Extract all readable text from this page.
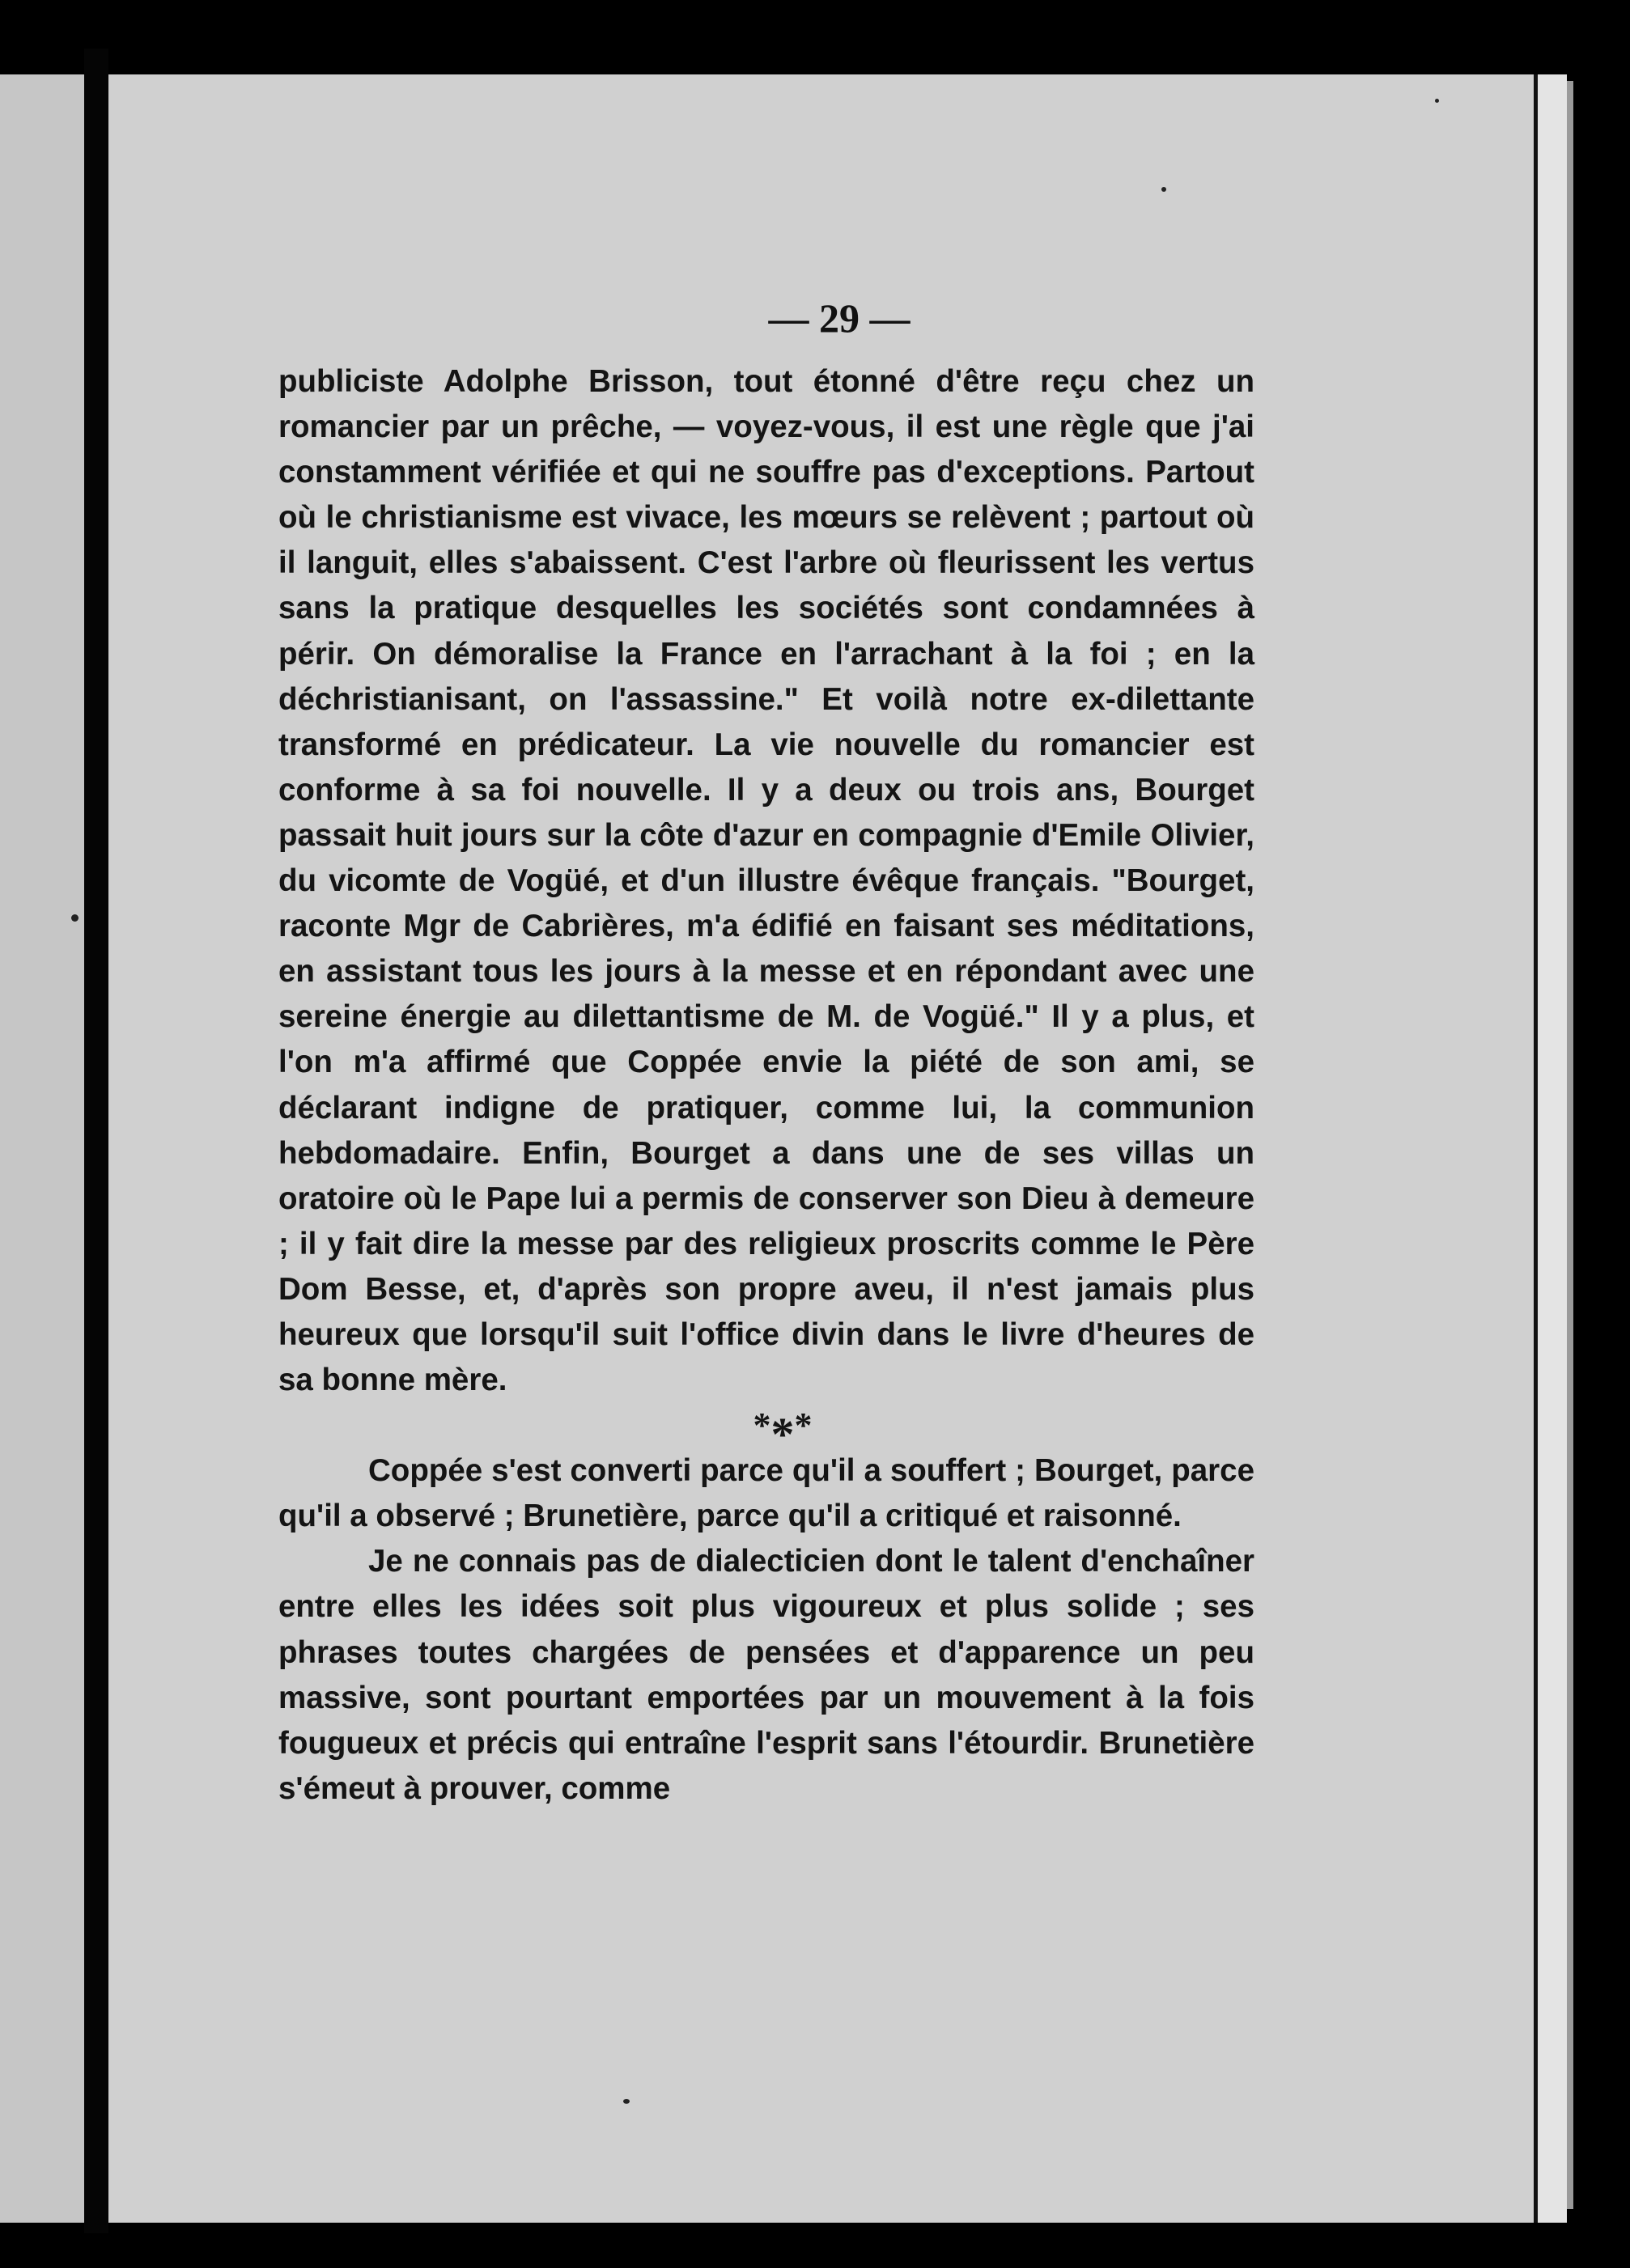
— 29 —

publiciste Adolphe Brisson, tout étonné d'être reçu chez un romancier par un prêche, — voyez-vous, il est une règle que j'ai constamment vérifiée et qui ne souffre pas d'exceptions. Partout où le christianisme est vivace, les mœurs se relèvent ; partout où il languit, elles s'abaissent. C'est l'arbre où fleurissent les vertus sans la pratique desquelles les sociétés sont condamnées à périr. On démoralise la France en l'arrachant à la foi ; en la déchristianisant, on l'assassine." Et voilà notre ex-dilettante transformé en prédicateur. La vie nouvelle du romancier est conforme à sa foi nouvelle. Il y a deux ou trois ans, Bourget passait huit jours sur la côte d'azur en compagnie d'Emile Olivier, du vicomte de Vogüé, et d'un illustre évêque français. "Bourget, raconte Mgr de Cabrières, m'a édifié en faisant ses méditations, en assistant tous les jours à la messe et en répondant avec une sereine énergie au dilettantisme de M. de Vogüé." Il y a plus, et l'on m'a affirmé que Coppée envie la piété de son ami, se déclarant indigne de pratiquer, comme lui, la communion hebdomadaire. Enfin, Bourget a dans une de ses villas un oratoire où le Pape lui a permis de conserver son Dieu à demeure ; il y fait dire la messe par des religieux proscrits comme le Père Dom Besse, et, d'après son propre aveu, il n'est jamais plus heureux que lorsqu'il suit l'office divin dans le livre d'heures de sa bonne mère.

***

Coppée s'est converti parce qu'il a souffert ; Bourget, parce qu'il a observé ; Brunetière, parce qu'il a critiqué et raisonné.

Je ne connais pas de dialecticien dont le talent d'enchaîner entre elles les idées soit plus vigoureux et plus solide ; ses phrases toutes chargées de pensées et d'apparence un peu massive, sont pourtant emportées par un mouvement à la fois fougueux et précis qui entraîne l'esprit sans l'étourdir. Brunetière s'émeut à prouver, comme
